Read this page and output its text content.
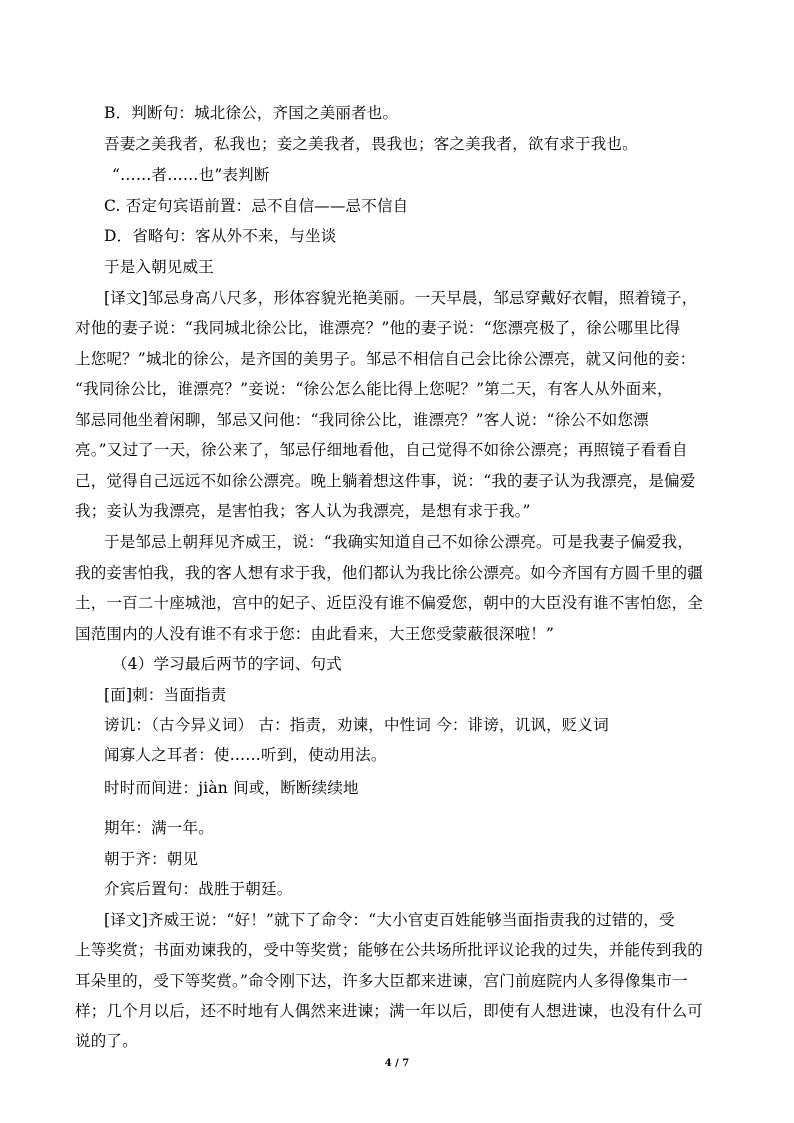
B．判断句：城北徐公，齐国之美丽者也。
吾妻之美我者，私我也；妾之美我者，畏我也；客之美我者，欲有求于我也。
“……者……也”表判断
C. 否定句宾语前置：忌不自信——忌不信自
D．省略句：客从外不来，与坐谈
于是入朝见威王
[译文]邹忌身高八尺多，形体容貌光艳美丽。一天早晨，邹忌穿戴好衣帽，照着镜子，
对他的妻子说：“我同城北徐公比，谁漂亮？”他的妻子说：“您漂亮极了，徐公哪里比得
上您呢？”城北的徐公，是齐国的美男子。邹忌不相信自己会比徐公漂亮，就又问他的妾：
“我同徐公比，谁漂亮？”妾说：“徐公怎么能比得上您呢？”第二天，有客人从外面来，
邹忌同他坐着闲聊，邹忌又问他：“我同徐公比，谁漂亮？”客人说：“徐公不如您漂
亮。”又过了一天，徐公来了，邹忌仔细地看他，自己觉得不如徐公漂亮；再照镜子看看自
己，觉得自己远远不如徐公漂亮。晚上躺着想这件事，说：“我的妻子认为我漂亮，是偏爱
我；妾认为我漂亮，是害怕我；客人认为我漂亮，是想有求于我。”
于是邹忌上朝拜见齐威王，说：“我确实知道自己不如徐公漂亮。可是我妻子偏爱我，
我的妾害怕我，我的客人想有求于我，他们都认为我比徐公漂亮。如今齐国有方圆千里的疆
土，一百二十座城池，宫中的妃子、近臣没有谁不偏爱您，朝中的大臣没有谁不害怕您，全
国范围内的人没有谁不有求于您：由此看来，大王您受蒙蔽很深啦！”
（4）学习最后两节的字词、句式
[面]刺：当面指责
谤讥：（古今异义词） 古：指责，劝谏，中性词 今：诽谤，讥讽，贬义词
闻寡人之耳者：使……听到，使动用法。
时时而间进：jiàn 间或，断断续续地
期年：满一年。
朝于齐：朝见
介宾后置句：战胜于朝廷。
[译文]齐威王说：“好！”就下了命令：“大小官吏百姓能够当面指责我的过错的，受
上等奖赏；书面劝谏我的，受中等奖赏；能够在公共场所批评议论我的过失，并能传到我的
耳朵里的，受下等奖赏。”命令刚下达，许多大臣都来进谏，宫门前庭院内人多得像集市一
样；几个月以后，还不时地有人偶然来进谏；满一年以后，即使有人想进谏，也没有什么可
说的了。
4 / 7
